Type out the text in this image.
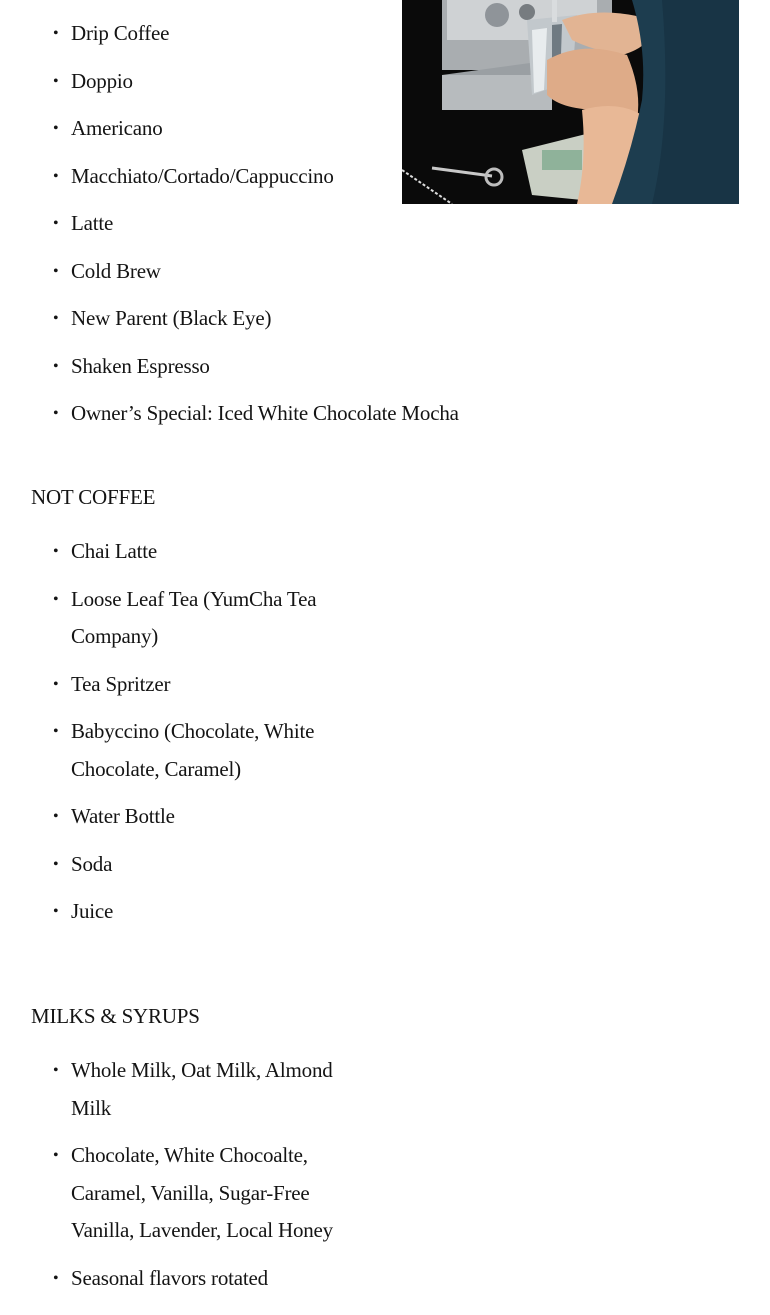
• Drip Coffee
• Doppio
• Americano
• Macchiato/Cortado/Cappuccino
• Latte
• Cold Brew
• New Parent (Black Eye)
• Shaken Espresso
• Owner’s Special: Iced White Chocolate Mocha
NOT COFFEE
• Chai Latte
• Loose Leaf Tea (YumCha Tea Company)
• Tea Spritzer
• Babyccino (Chocolate, White Chocolate, Caramel)
• Water Bottle
• Soda
• Juice
MILKS & SYRUPS
• Whole Milk, Oat Milk, Almond Milk
• Chocolate, White Chocoalte, Caramel, Vanilla, Sugar-Free Vanilla, Lavender, Local Honey
• Seasonal flavors rotated
